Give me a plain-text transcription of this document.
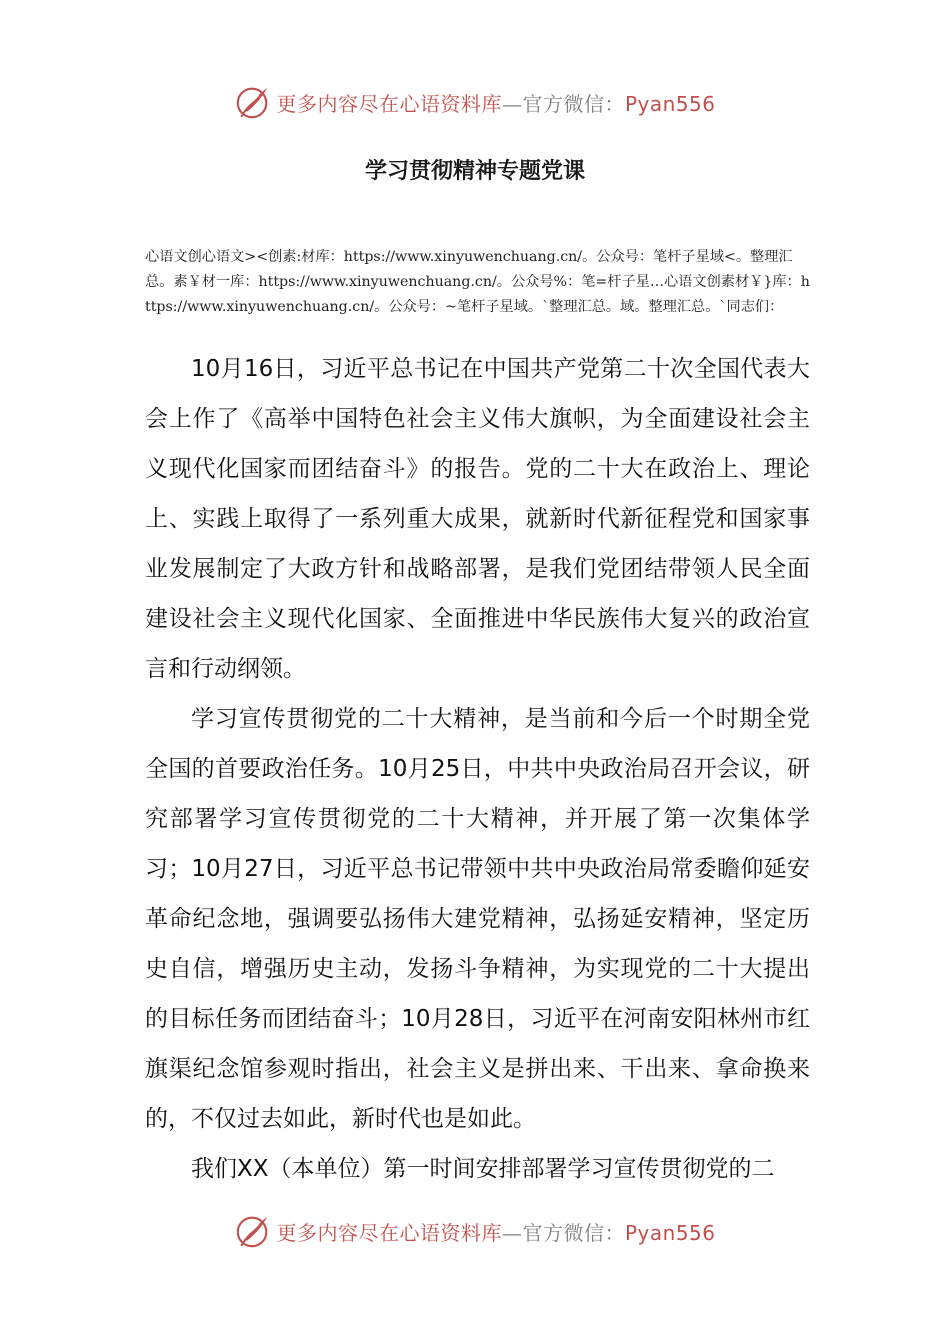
更多内容尽在心语资料库—官方微信：Pyan556
学习贯彻精神专题党课

心语文创心语文><创素:材库：https://www.xinyuwenchuang.cn/。公众号：笔杆子星域<。整理汇总。素￥材一库：https://www.xinyuwenchuang.cn/。公众号%：笔=杆子星…心语文创素材￥}库：https://www.xinyuwenchuang.cn/。公众号：~笔杆子星域。`整理汇总。域。整理汇总。`同志们：

10月16日，习近平总书记在中国共产党第二十次全国代表大会上作了《高举中国特色社会主义伟大旗帜，为全面建设社会主义现代化国家而团结奋斗》的报告。党的二十大在政治上、理论上、实践上取得了一系列重大成果，就新时代新征程党和国家事业发展制定了大政方针和战略部署，是我们党团结带领人民全面建设社会主义现代化国家、全面推进中华民族伟大复兴的政治宣言和行动纲领。

学习宣传贯彻党的二十大精神，是当前和今后一个时期全党全国的首要政治任务。10月25日，中共中央政治局召开会议，研究部署学习宣传贯彻党的二十大精神，并开展了第一次集体学习；10月27日，习近平总书记带领中共中央政治局常委瞻仰延安革命纪念地，强调要弘扬伟大建党精神，弘扬延安精神，坚定历史自信，增强历史主动，发扬斗争精神，为实现党的二十大提出的目标任务而团结奋斗；10月28日，习近平在河南安阳林州市红旗渠纪念馆参观时指出，社会主义是拼出来、干出来、拿命换来的，不仅过去如此，新时代也是如此。

我们XX（本单位）第一时间安排部署学习宣传贯彻党的二

更多内容尽在心语资料库—官方微信：Pyan556
